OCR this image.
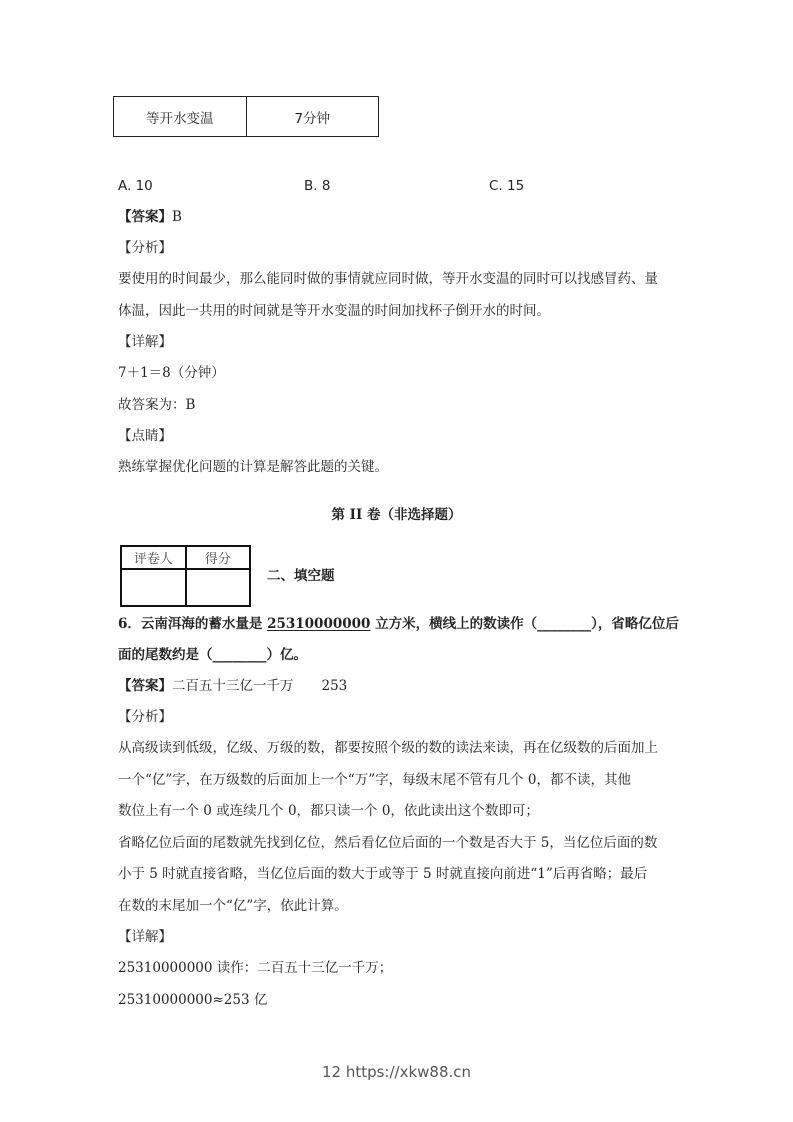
等开水变温	7分钟
A. 10	B. 8	C. 15
【答案】B
【分析】
要使用的时间最少，那么能同时做的事情就应同时做，等开水变温的同时可以找感冒药、量
体温，因此一共用的时间就是等开水变温的时间加找杯子倒开水的时间。
【详解】
7＋1＝8（分钟）
故答案为：B
【点睛】
熟练掌握优化问题的计算是解答此题的关键。
第 II 卷（非选择题）
评卷人	得分
二、填空题
6．云南洱海的蓄水量是 25310000000 立方米，横线上的数读作（________），省略亿位后
面的尾数约是（________）亿。
【答案】二百五十三亿一千万 253
【分析】
从高级读到低级，亿级、万级的数，都要按照个级的数的读法来读，再在亿级数的后面加上
一个“亿”字，在万级数的后面加上一个“万”字，每级末尾不管有几个 0，都不读，其他
数位上有一个 0 或连续几个 0，都只读一个 0，依此读出这个数即可；
省略亿位后面的尾数就先找到亿位，然后看亿位后面的一个数是否大于 5，当亿位后面的数
小于 5 时就直接省略，当亿位后面的数大于或等于 5 时就直接向前进“1”后再省略；最后
在数的末尾加一个“亿”字，依此计算。
【详解】
25310000000 读作：二百五十三亿一千万；
25310000000≈253 亿
12 https://xkw88.cn
